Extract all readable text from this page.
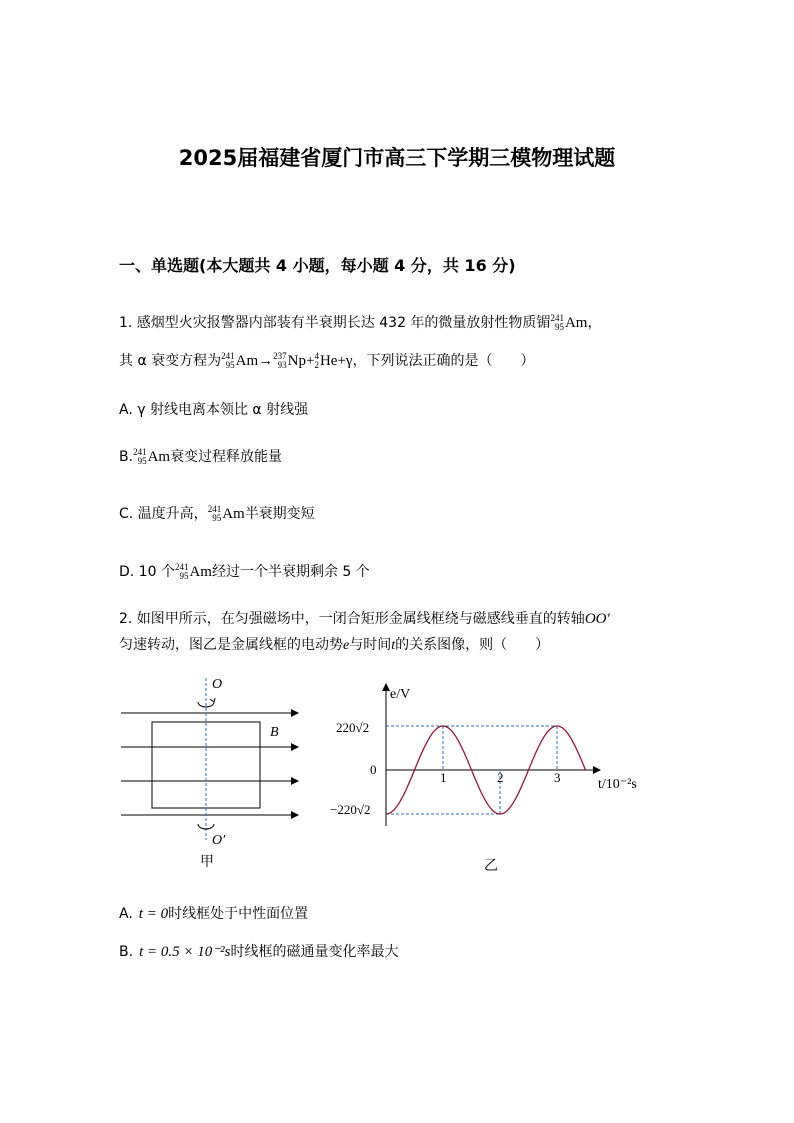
2025届福建省厦门市高三下学期三模物理试题
一、单选题(本大题共 4 小题，每小题 4 分，共 16 分)
1. 感烟型火灾报警器内部装有半衰期长达 432 年的微量放射性物质镅 241
95 Am，
其 α 衰变方程为 241
95 Am→ 237
93 Np+ 4
2 He+γ，下列说法正确的是（　　）
A. γ 射线电离本领比 α 射线强
B. 241
95 Am衰变过程释放能量
C. 温度升高， 241
95 Am半衰期变短
D. 10 个 241
95 Am经过一个半衰期剩余 5 个
2. 如图甲所示，在匀强磁场中，一闭合矩形金属线框绕与磁感线垂直的转轴OO′
匀速转动，图乙是金属线框的电动势e与时间t的关系图像，则（　　）
O
O′
B
甲
e/V
t/10⁻²s
220√2
0
−220√2
1	2	3
乙
A. t = 0时线框处于中性面位置
B. t = 0.5 × 10⁻²s时线框的磁通量变化率最大
